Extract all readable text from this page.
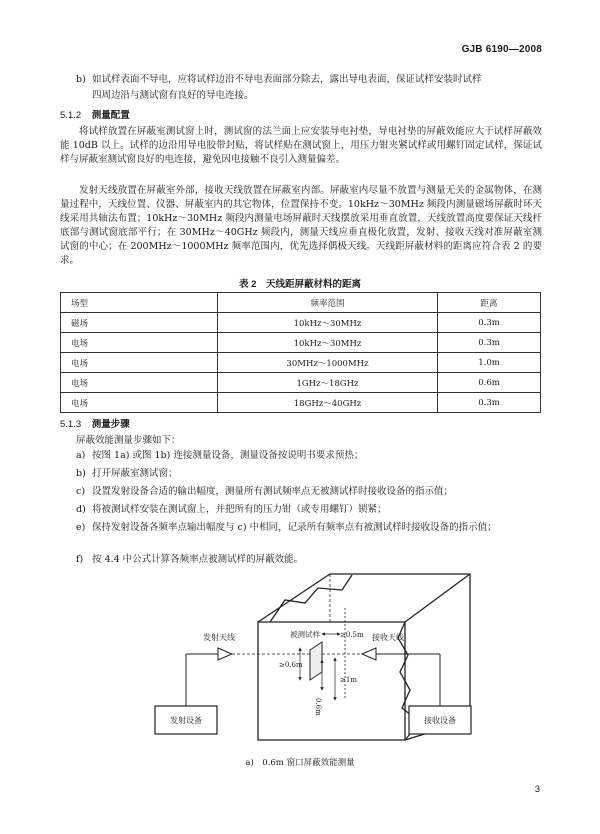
GJB 6190—2008
b) 如试样表面不导电，应将试样边沿不导电表面部分除去，露出导电表面，保证试样安装时试样
四周边沿与测试窗有良好的导电连接。
5.1.2 测量配置

将试样放置在屏蔽室测试窗上时，测试窗的法兰面上应安装导电衬垫，导电衬垫的屏蔽效能应大于试样屏蔽效能 10dB 以上。试样的边沿用导电胶带封贴，将试样贴在测试窗上，用压力钳夹紧试样或用螺钉固定试样，保证试样与屏蔽室测试窗良好的电连接，避免因电接触不良引入测量偏差。

发射天线放置在屏蔽室外部，接收天线放置在屏蔽室内部。屏蔽室内尽量不放置与测量无关的金属物体，在测量过程中，天线位置、仪器、屏蔽室内的其它物体，位置保持不变。10kHz～30MHz 频段内测量磁场屏蔽时环天线采用共轴法布置；10kHz～30MHz 频段内测量电场屏蔽时天线摆放采用垂直放置，天线放置高度要保证天线杆底部与测试窗底部平行；在 30MHz～40GHz 频段内，测量天线应垂直极化放置，发射、接收天线对准屏蔽室测试窗的中心；在 200MHz～1000MHz 频率范围内，优先选择偶极天线。天线距屏蔽材料的距离应符合表 2 的要求。

表 2　天线距屏蔽材料的距离
场型	频率范围	距离
磁场	10kHz～30MHz	0.3m
电场	10kHz～30MHz	0.3m
电场	30MHz～1000MHz	1.0m
电场	1GHz～18GHz	0.6m
电场	18GHz～40GHz	0.3m
5.1.3 测量步骤
屏蔽效能测量步骤如下：
a) 按图 1a) 或图 1b) 连接测量设备，测量设备按说明书要求预热；
b) 打开屏蔽室测试窗；
c) 设置发射设备合适的输出幅度，测量所有测试频率点无被测试样时接收设备的指示值；
d) 将被测试样安装在测试窗上，并把所有的压力钳（或专用螺钉）锁紧；
e) 保持发射设备各频率点输出幅度与 c) 中相同，记录所有频率点有被测试样时接收设备的指示值；
f) 按 4.4 中公式计算各频率点被测试样的屏蔽效能。
发射天线	接收天线
被测试样	≥0.5m
≥0.6m
0.6m
≥1m
发射设备	接收设备
a)　0.6m 窗口屏蔽效能测量
3
